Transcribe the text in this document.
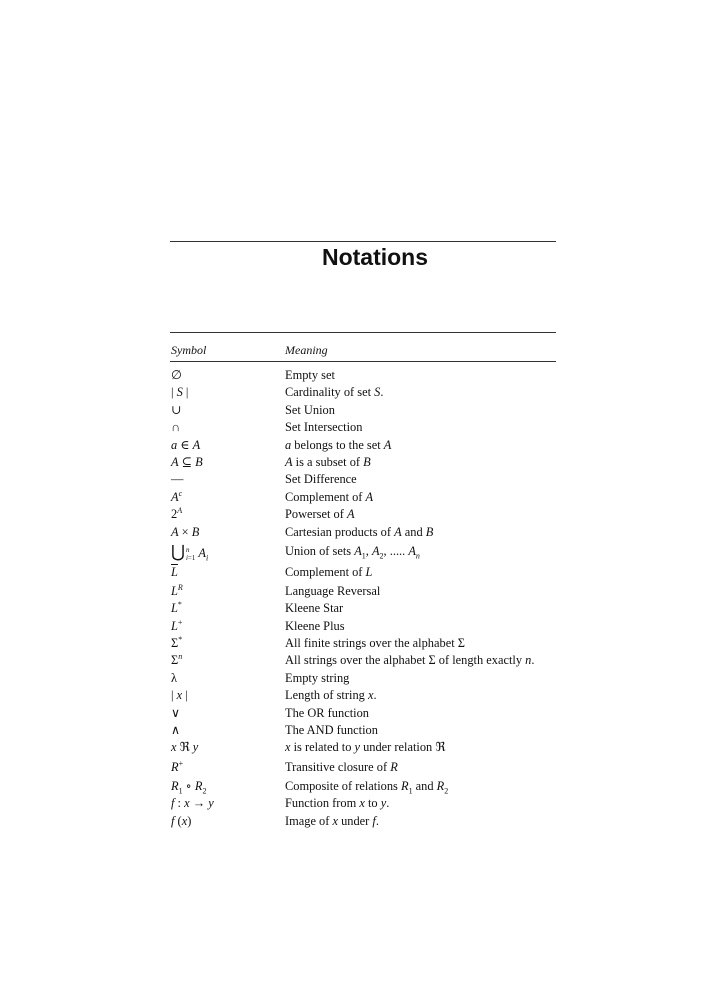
Notations
Symbol	Meaning
∅	Empty set
| S |	Cardinality of set S.
∪	Set Union
∩	Set Intersection
a ∈ A	a belongs to the set A
A ⊆ B	A is a subset of B
—	Set Difference
$A^c$	Complement of A
$2^A$	Powerset of A
A × B	Cartesian products of A and B
⋃n
i=1 $A_i$	Union of sets $A_1$, $A_2$, ..... $A_n$
$\overline{L}$	Complement of L
$L^R$	Language Reversal
L*	Kleene Star
L+	Kleene Plus
Σ*	All finite strings over the alphabet Σ
$\Sigma^n$	All strings over the alphabet Σ of length exactly n.
λ	Empty string
| x |	Length of string x.
∨	The OR function
∧	The AND function
x ℜ y	x is related to y under relation ℜ
R+	Transitive closure of R
$R_1$ ∘ $R_2$	Composite of relations $R_1$ and $R_2$
f : x → y	Function from x to y.
f (x)	Image of x under f.
